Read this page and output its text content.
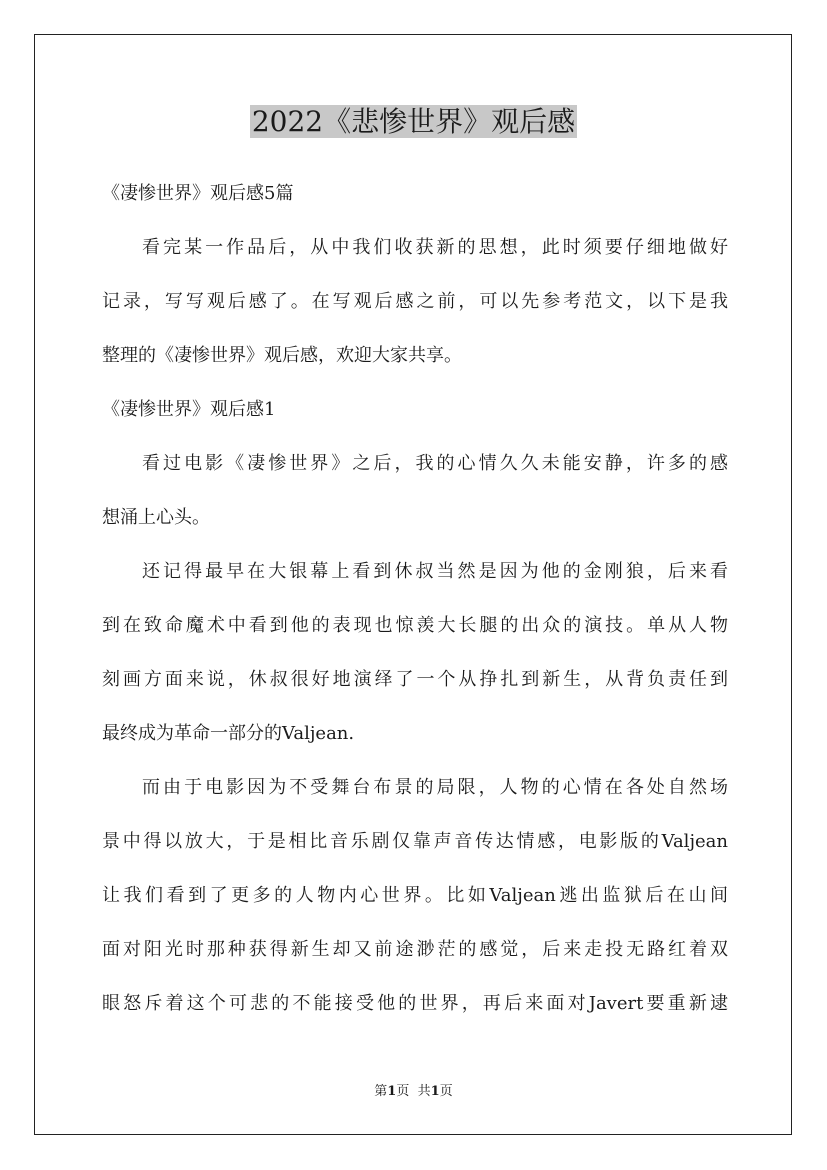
2022《悲惨世界》观后感
《凄惨世界》观后感5篇
看完某一作品后，从中我们收获新的思想，此时须要仔细地做好
记录，写写观后感了。在写观后感之前，可以先参考范文，以下是我
整理的《凄惨世界》观后感，欢迎大家共享。
《凄惨世界》观后感1
看过电影《凄惨世界》之后，我的心情久久未能安静，许多的感
想涌上心头。
还记得最早在大银幕上看到休叔当然是因为他的金刚狼，后来看
到在致命魔术中看到他的表现也惊羡大长腿的出众的演技。单从人物
刻画方面来说，休叔很好地演绎了一个从挣扎到新生，从背负责任到
最终成为革命一部分的Valjean.
而由于电影因为不受舞台布景的局限，人物的心情在各处自然场
景中得以放大，于是相比音乐剧仅靠声音传达情感，电影版的Valjean
让我们看到了更多的人物内心世界。比如Valjean逃出监狱后在山间
面对阳光时那种获得新生却又前途渺茫的感觉，后来走投无路红着双
眼怒斥着这个可悲的不能接受他的世界，再后来面对Javert要重新逮
第1页 共1页
